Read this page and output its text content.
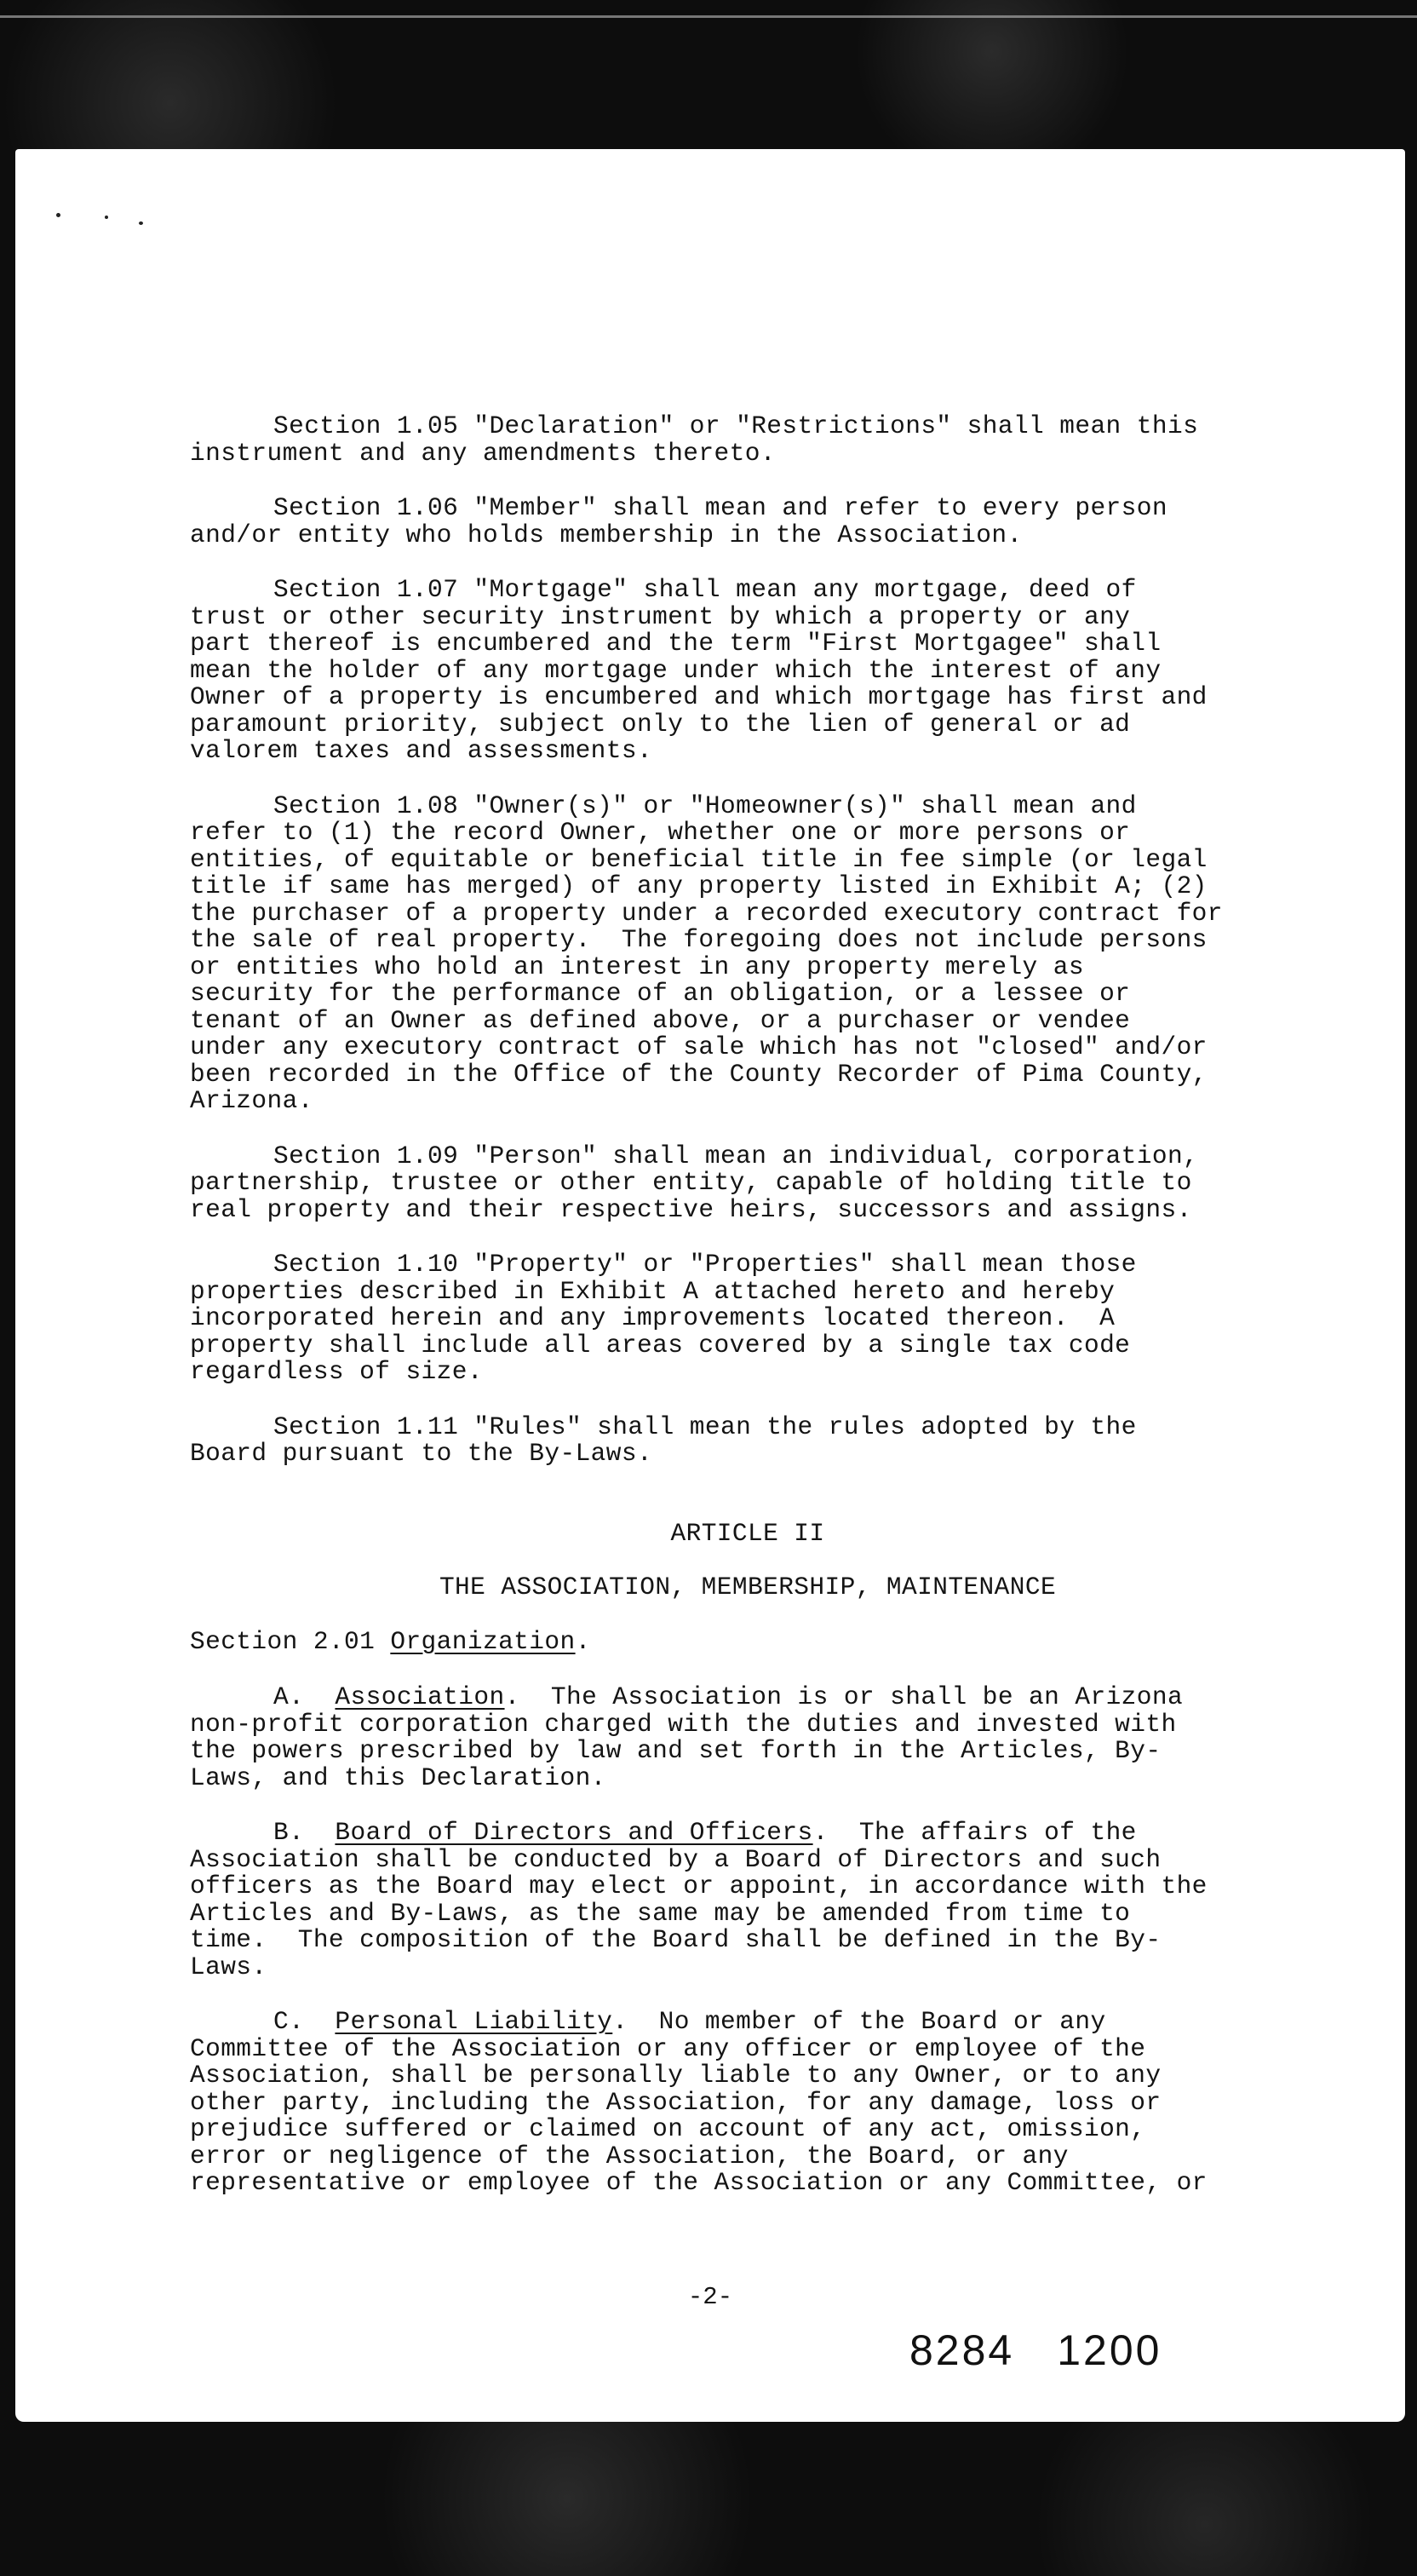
Section 1.05 "Declaration" or "Restrictions" shall mean this
instrument and any amendments thereto.
Section 1.06 "Member" shall mean and refer to every person
and/or entity who holds membership in the Association.
Section 1.07 "Mortgage" shall mean any mortgage, deed of
trust or other security instrument by which a property or any
part thereof is encumbered and the term "First Mortgagee" shall
mean the holder of any mortgage under which the interest of any
Owner of a property is encumbered and which mortgage has first and
paramount priority, subject only to the lien of general or ad
valorem taxes and assessments.
Section 1.08 "Owner(s)" or "Homeowner(s)" shall mean and
refer to (1) the record Owner, whether one or more persons or
entities, of equitable or beneficial title in fee simple (or legal
title if same has merged) of any property listed in Exhibit A; (2)
the purchaser of a property under a recorded executory contract for
the sale of real property.  The foregoing does not include persons
or entities who hold an interest in any property merely as
security for the performance of an obligation, or a lessee or
tenant of an Owner as defined above, or a purchaser or vendee
under any executory contract of sale which has not "closed" and/or
been recorded in the Office of the County Recorder of Pima County,
Arizona.
Section 1.09 "Person" shall mean an individual, corporation,
partnership, trustee or other entity, capable of holding title to
real property and their respective heirs, successors and assigns.
Section 1.10 "Property" or "Properties" shall mean those
properties described in Exhibit A attached hereto and hereby
incorporated herein and any improvements located thereon.  A
property shall include all areas covered by a single tax code
regardless of size.
Section 1.11 "Rules" shall mean the rules adopted by the
Board pursuant to the By-Laws.
ARTICLE II
THE ASSOCIATION, MEMBERSHIP, MAINTENANCE
Section 2.01 Organization.
A.  Association.  The Association is or shall be an Arizona
non-profit corporation charged with the duties and invested with
the powers prescribed by law and set forth in the Articles, By-
Laws, and this Declaration.
B.  Board of Directors and Officers.  The affairs of the
Association shall be conducted by a Board of Directors and such
officers as the Board may elect or appoint, in accordance with the
Articles and By-Laws, as the same may be amended from time to
time.  The composition of the Board shall be defined in the By-
Laws.
C.  Personal Liability.  No member of the Board or any
Committee of the Association or any officer or employee of the
Association, shall be personally liable to any Owner, or to any
other party, including the Association, for any damage, loss or
prejudice suffered or claimed on account of any act, omission,
error or negligence of the Association, the Board, or any
representative or employee of the Association or any Committee, or
-2-
8284 1200
